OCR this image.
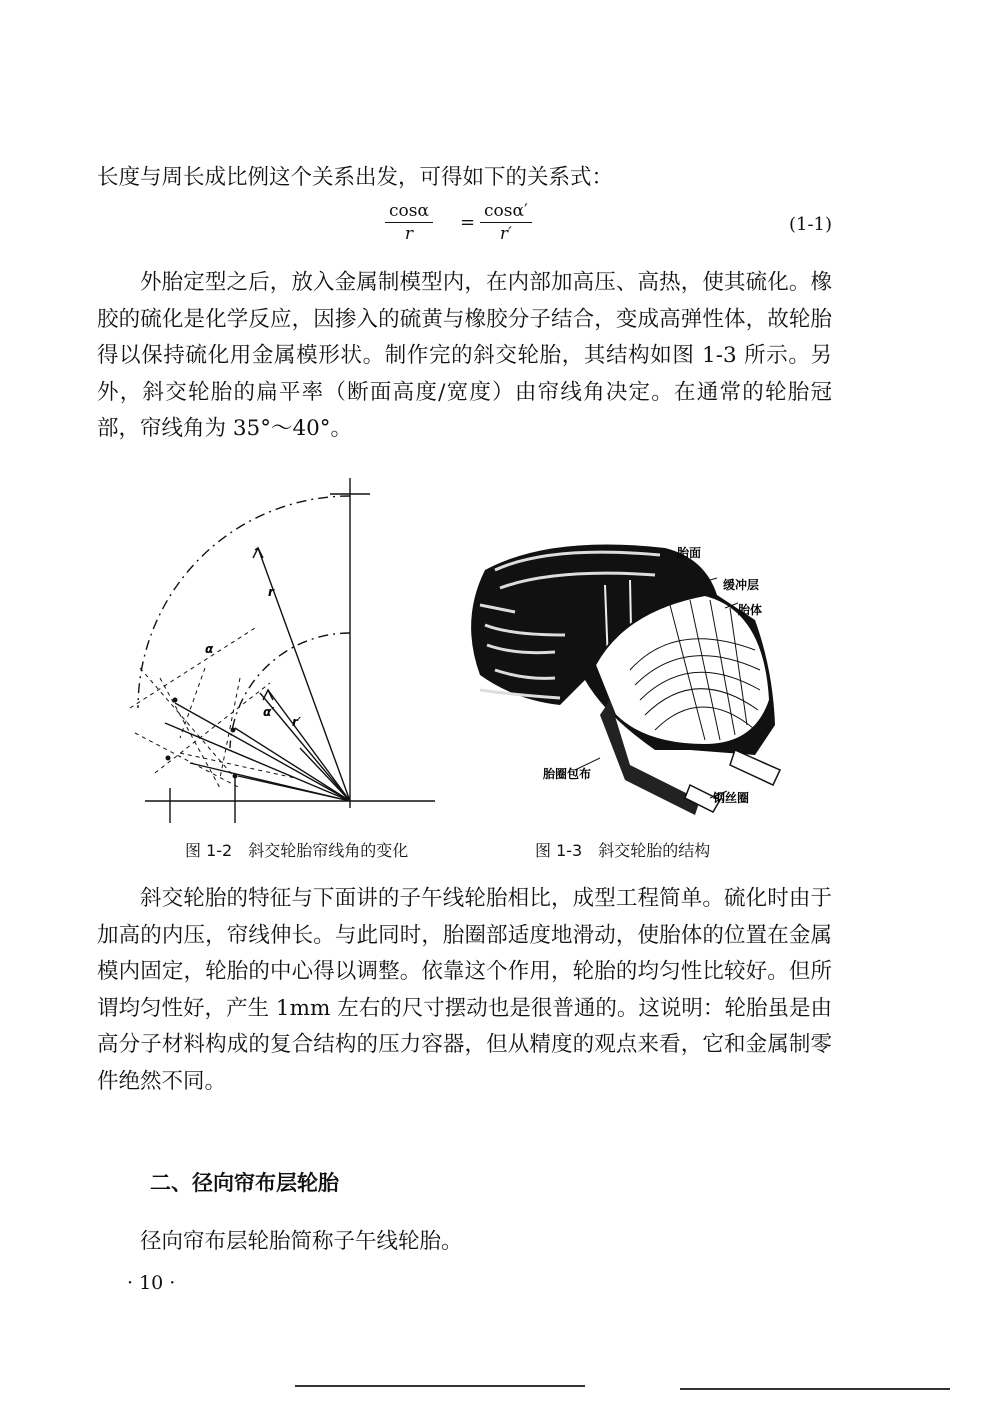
长度与周长成比例这个关系出发，可得如下的关系式：

$\frac{\cos\alpha}{r} = \frac{\cos\alpha'}{r'}$	(1-1)

外胎定型之后，放入金属制模型内，在内部加高压、高热，使其硫化。橡胶的硫化是化学反应，因掺入的硫黄与橡胶分子结合，变成高弹性体，故轮胎得以保持硫化用金属模形状。制作完的斜交轮胎，其结构如图 1-3 所示。另外，斜交轮胎的扁平率（断面高度/宽度）由帘线角决定。在通常的轮胎冠部，帘线角为 35°～40°。

r
α
α′
r′
胎面
缓冲层
胎体
胎圈包布
钢丝圈
图 1-2　斜交轮胎帘线角的变化	图 1-3　斜交轮胎的结构

斜交轮胎的特征与下面讲的子午线轮胎相比，成型工程简单。硫化时由于加高的内压，帘线伸长。与此同时，胎圈部适度地滑动，使胎体的位置在金属模内固定，轮胎的中心得以调整。依靠这个作用，轮胎的均匀性比较好。但所谓均匀性好，产生 1mm 左右的尺寸摆动也是很普通的。这说明：轮胎虽是由高分子材料构成的复合结构的压力容器，但从精度的观点来看，它和金属制零件绝然不同。

二、径向帘布层轮胎

径向帘布层轮胎简称子午线轮胎。

· 10 ·
